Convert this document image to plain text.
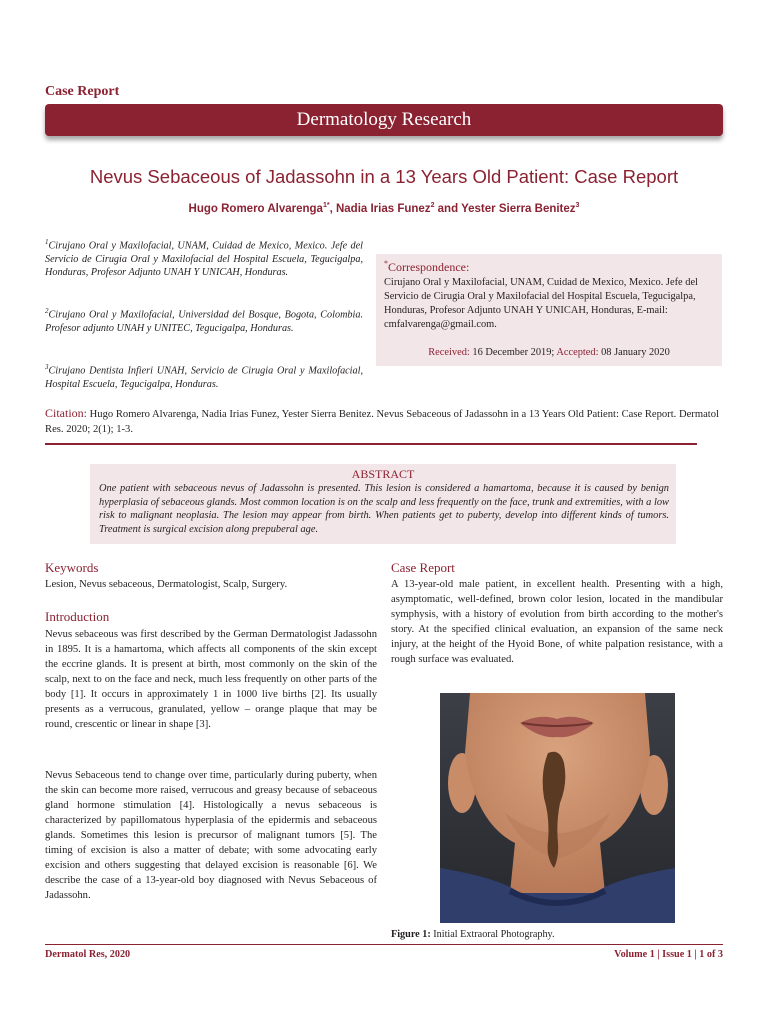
Case Report
Dermatology Research
Nevus Sebaceous of Jadassohn in a 13 Years Old Patient: Case Report
Hugo Romero Alvarenga$^{1*}$, Nadia Irias Funez$^2$ and Yester Sierra Benitez$^3$
$^1$Cirujano Oral y Maxilofacial, UNAM, Cuidad de Mexico, Mexico. Jefe del Servicio de Cirugia Oral y Maxilofacial del Hospital Escuela, Tegucigalpa, Honduras, Profesor Adjunto UNAH Y UNICAH, Honduras.
$^2$Cirujano Oral y Maxilofacial, Universidad del Bosque, Bogota, Colombia. Profesor adjunto UNAH y UNITEC, Tegucigalpa, Honduras.
$^3$Cirujano Dentista Infieri UNAH, Servicio de Cirugia Oral y Maxilofacial, Hospital Escuela, Tegucigalpa, Honduras.
*Correspondence:
Cirujano Oral y Maxilofacial, UNAM, Cuidad de Mexico, Mexico. Jefe del Servicio de Cirugia Oral y Maxilofacial del Hospital Escuela, Tegucigalpa, Honduras, Profesor Adjunto UNAH Y UNICAH, Honduras, E-mail: cmfalvarenga@gmail.com.
Received: 16 December 2019; Accepted: 08 January 2020
Citation: Hugo Romero Alvarenga, Nadia Irias Funez, Yester Sierra Benitez. Nevus Sebaceous of Jadassohn in a 13 Years Old Patient: Case Report. Dermatol Res. 2020; 2(1); 1-3.
ABSTRACT
One patient with sebaceous nevus of Jadassohn is presented. This lesion is considered a hamartoma, because it is caused by benign hyperplasia of sebaceous glands. Most common location is on the scalp and less frequently on the face, trunk and extremities, with a low risk to malignant neoplasia. The lesion may appear from birth. When patients get to puberty, develop into different kinds of tumors. Treatment is surgical excision along prepuberal age.
Keywords
Lesion, Nevus sebaceous, Dermatologist, Scalp, Surgery.
Introduction
Nevus sebaceous was first described by the German Dermatologist Jadassohn in 1895. It is a hamartoma, which affects all components of the skin except the eccrine glands. It is present at birth, most commonly on the skin of the scalp, next to on the face and neck, much less frequently on other parts of the body [1]. It occurs in approximately 1 in 1000 live births [2]. Its usually presents as a verrucous, granulated, yellow – orange plaque that may be round, crescentic or linear in shape [3].
Nevus Sebaceous tend to change over time, particularly during puberty, when the skin can become more raised, verrucous and greasy because of sebaceous gland hormone stimulation [4]. Histologically a nevus sebaceous is characterized by papillomatous hyperplasia of the epidermis and sebaceous glands. Sometimes this lesion is precursor of malignant tumors [5]. The timing of excision is also a matter of debate; with some advocating early excision and others suggesting that delayed excision is reasonable [6]. We describe the case of a 13-year-old boy diagnosed with Nevus Sebaceous of Jadassohn.
Case Report
A 13-year-old male patient, in excellent health. Presenting with a high, asymptomatic, well-defined, brown color lesion, located in the mandibular symphysis, with a history of evolution from birth according to the mother's story. At the specified clinical evaluation, an expansion of the same neck injury, at the height of the Hyoid Bone, of white palpation resistance, with a rough surface was evaluated.
Figure 1: Initial Extraoral Photography.
Dermatol Res, 2020	Volume 1 | Issue 1 | 1 of 3
